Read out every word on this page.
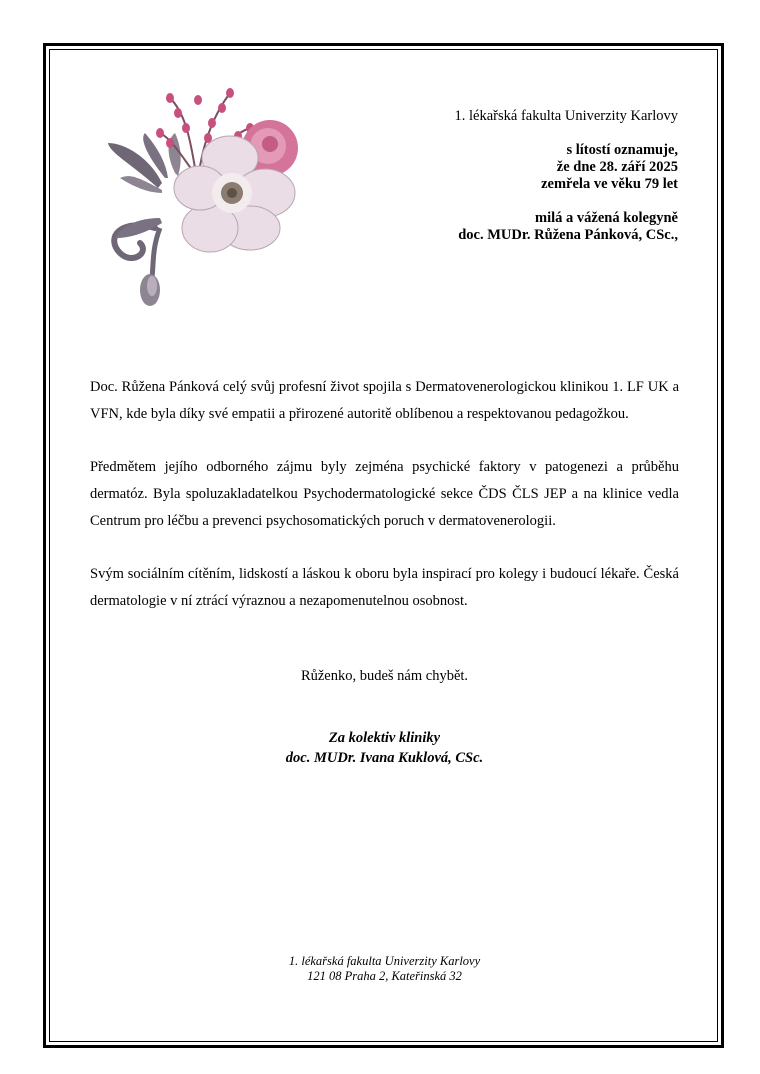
1. lékařská fakulta Univerzity Karlovy
s lítostí oznamuje,
že dne 28. září 2025
zemřela ve věku 79 let
milá a vážená kolegyně
doc. MUDr. Růžena Pánková, CSc.,

Doc. Růžena Pánková celý svůj profesní život spojila s Dermatovenerologickou klinikou 1. LF UK a VFN, kde byla díky své empatii a přirozené autoritě oblíbenou a respektovanou pedagožkou.

Předmětem jejího odborného zájmu byly zejména psychické faktory v patogenezi a průběhu dermatóz. Byla spoluzakladatelkou Psychodermatologické sekce ČDS ČLS JEP a na klinice vedla Centrum pro léčbu a prevenci psychosomatických poruch v dermatovenerologii.

Svým sociálním cítěním, lidskostí a láskou k oboru byla inspirací pro kolegy i budoucí lékaře. Česká dermatologie v ní ztrácí výraznou a nezapomenutelnou osobnost.

Růženko, budeš nám chybět.
Za kolektiv kliniky
doc. MUDr. Ivana Kuklová, CSc.
1. lékařská fakulta Univerzity Karlovy
121 08 Praha 2, Kateřinská 32
